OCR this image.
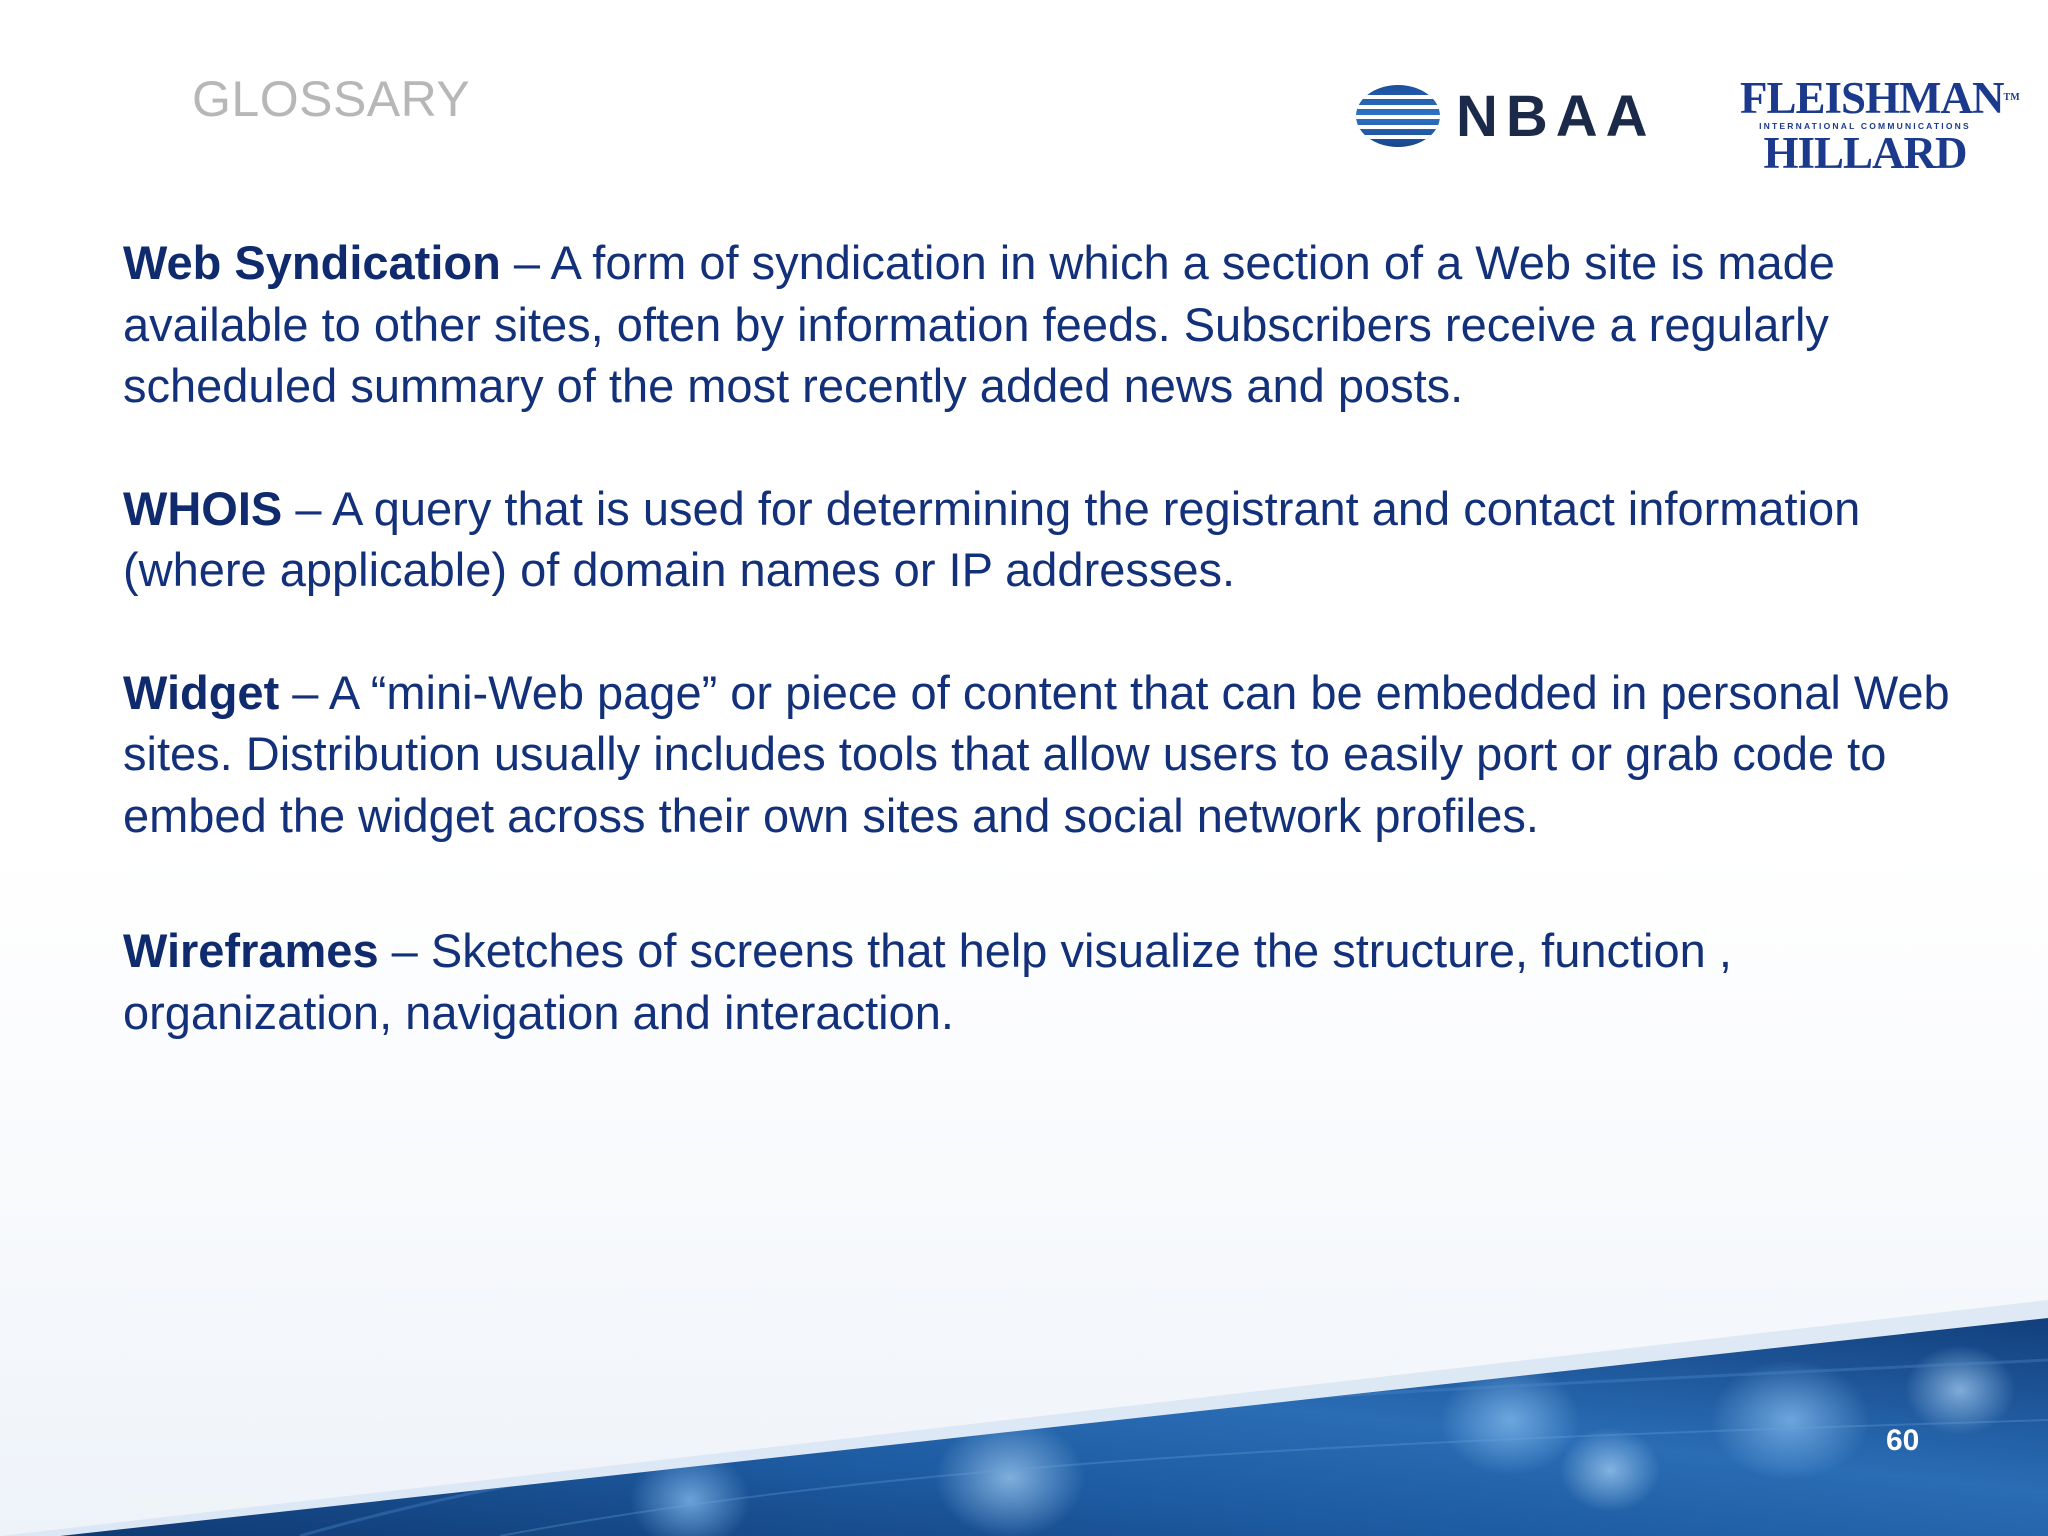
GLOSSARY	NBAA FLEISHMAN™
INTERNATIONAL COMMUNICATIONS
HILLARD

Web Syndication – A form of syndication in which a section of a Web site is made available to other sites, often by information feeds. Subscribers receive a regularly scheduled summary of the most recently added news and posts.

WHOIS – A query that is used for determining the registrant and contact information (where applicable) of domain names or IP addresses.

Widget – A “mini-Web page” or piece of content that can be embedded in personal Web sites. Distribution usually includes tools that allow users to easily port or grab code to embed the widget across their own sites and social network profiles.

Wireframes – Sketches of screens that help visualize the structure, function , organization, navigation and interaction.

60
